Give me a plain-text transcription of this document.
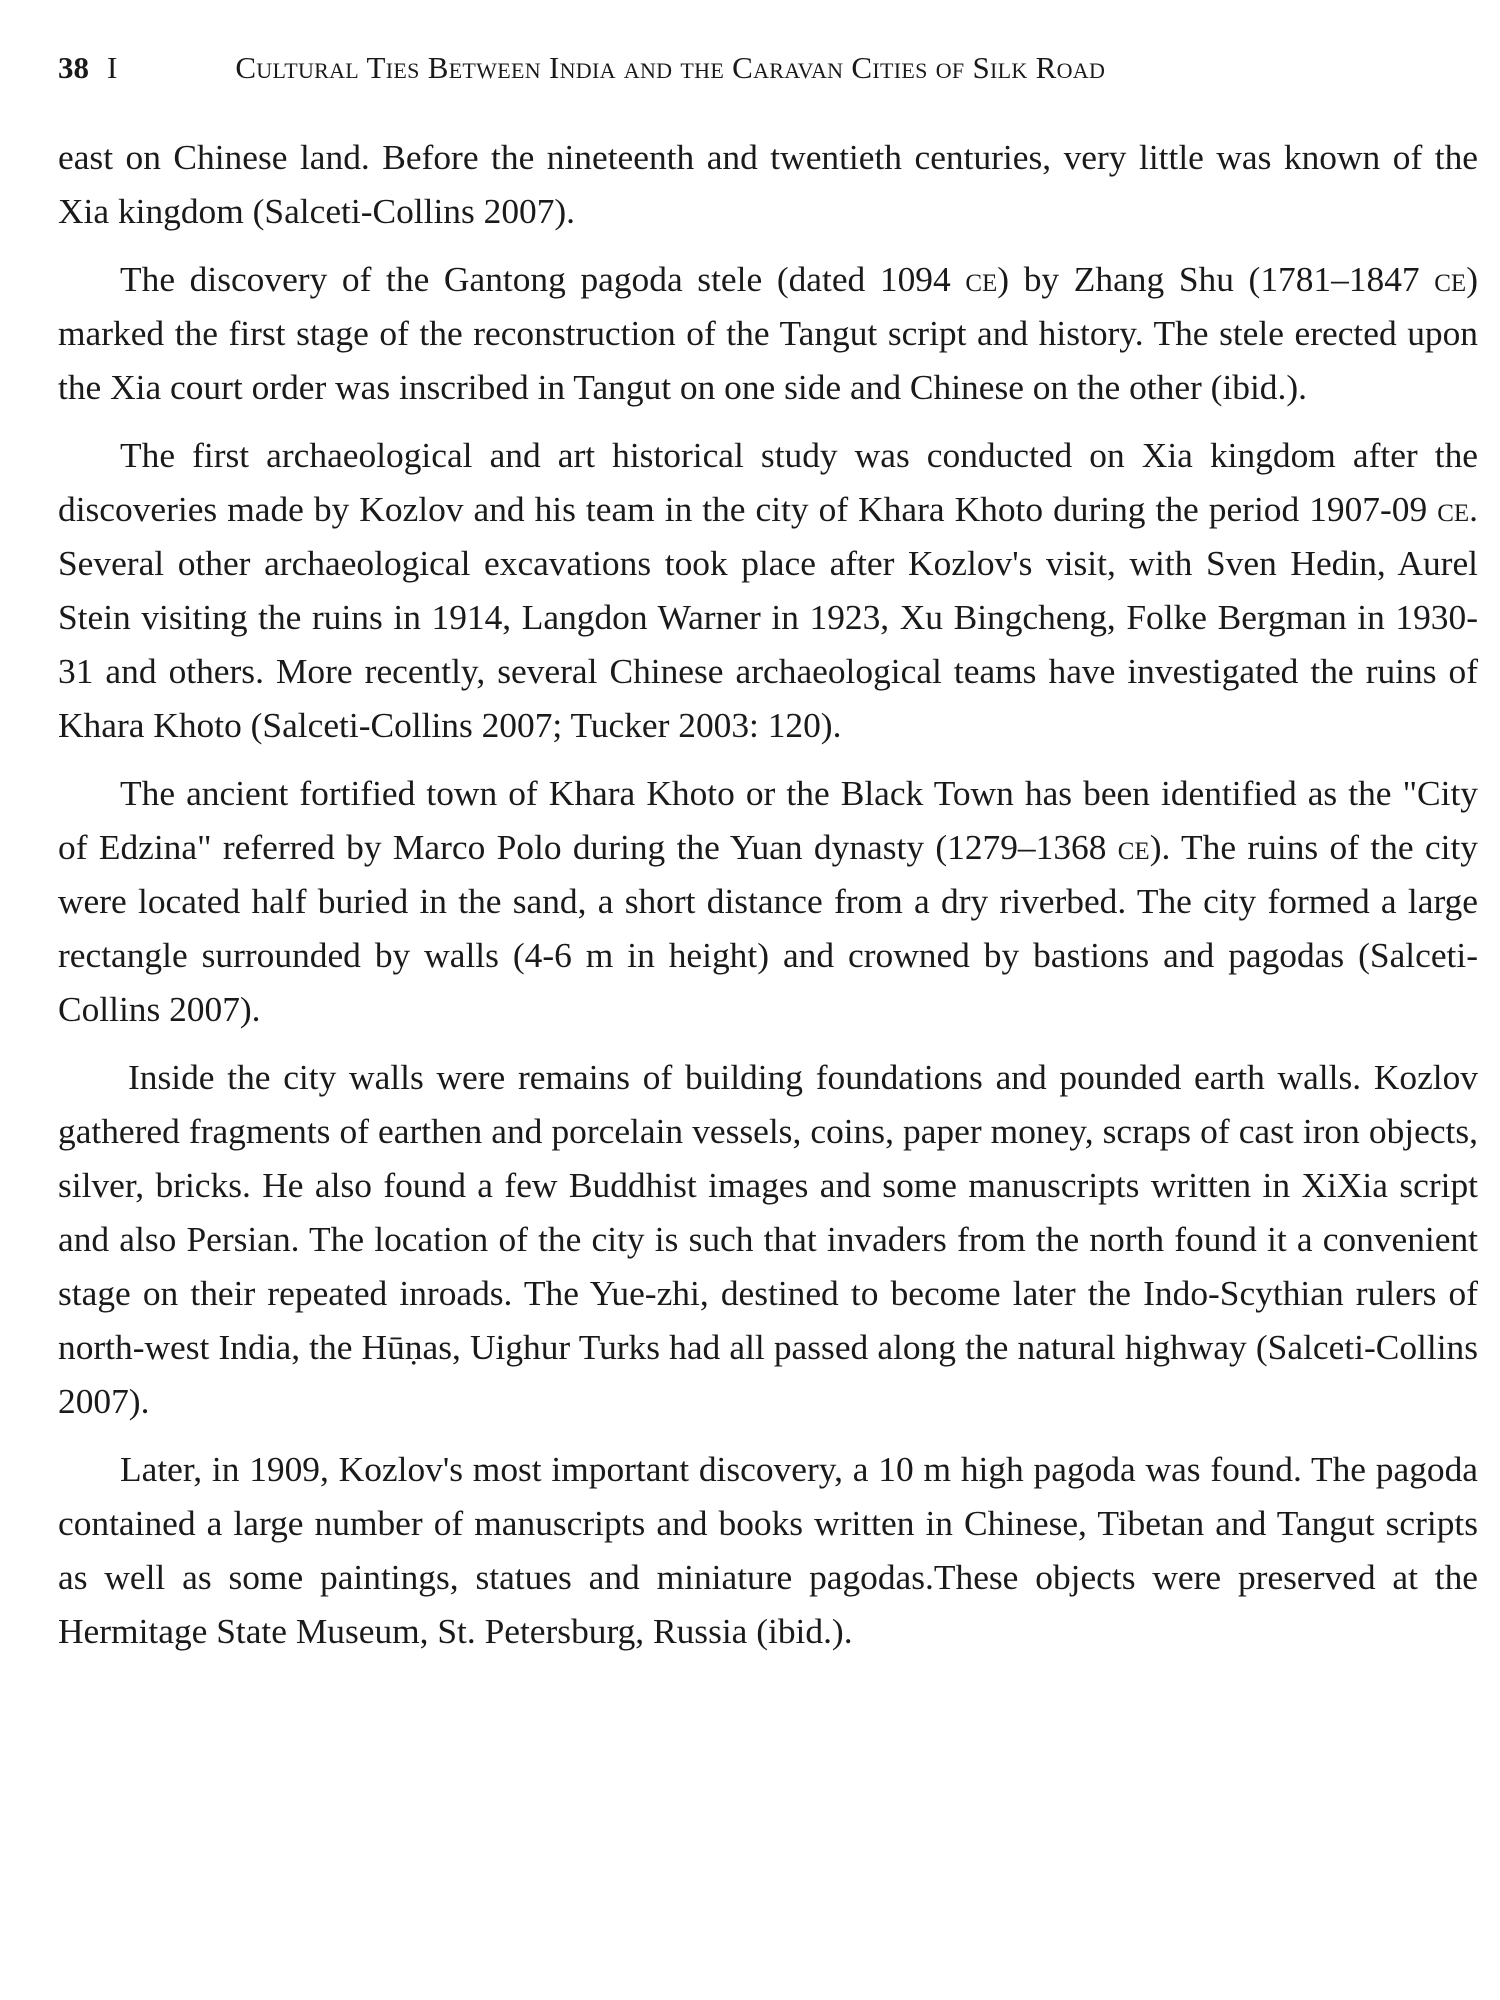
38 I	Cultural Ties Between India and the Caravan Cities of Silk Road

east on Chinese land. Before the nineteenth and twentieth centuries, very little was known of the Xia kingdom (Salceti-Collins 2007).

The discovery of the Gantong pagoda stele (dated 1094 ce) by Zhang Shu (1781–1847 ce) marked the first stage of the reconstruction of the Tangut script and history. The stele erected upon the Xia court order was inscribed in Tangut on one side and Chinese on the other (ibid.).

The first archaeological and art historical study was conducted on Xia kingdom after the discoveries made by Kozlov and his team in the city of Khara Khoto during the period 1907-09 ce. Several other archaeological excavations took place after Kozlov's visit, with Sven Hedin, Aurel Stein visiting the ruins in 1914, Langdon Warner in 1923, Xu Bingcheng, Folke Bergman in 1930-31 and others. More recently, several Chinese archaeological teams have investigated the ruins of Khara Khoto (Salceti-Collins 2007; Tucker 2003: 120).

The ancient fortified town of Khara Khoto or the Black Town has been identified as the "City of Edzina" referred by Marco Polo during the Yuan dynasty (1279–1368 ce). The ruins of the city were located half buried in the sand, a short distance from a dry riverbed. The city formed a large rectangle surrounded by walls (4-6 m in height) and crowned by bastions and pagodas (Salceti-Collins 2007).

Inside the city walls were remains of building foundations and pounded earth walls. Kozlov gathered fragments of earthen and porcelain vessels, coins, paper money, scraps of cast iron objects, silver, bricks. He also found a few Buddhist images and some manuscripts written in XiXia script and also Persian. The location of the city is such that invaders from the north found it a convenient stage on their repeated inroads. The Yue-zhi, destined to become later the Indo-Scythian rulers of north-west India, the Hūṇas, Uighur Turks had all passed along the natural highway (Salceti-Collins 2007).

Later, in 1909, Kozlov's most important discovery, a 10 m high pagoda was found. The pagoda contained a large number of manuscripts and books written in Chinese, Tibetan and Tangut scripts as well as some paintings, statues and miniature pagodas.These objects were preserved at the Hermitage State Museum, St. Petersburg, Russia (ibid.).
